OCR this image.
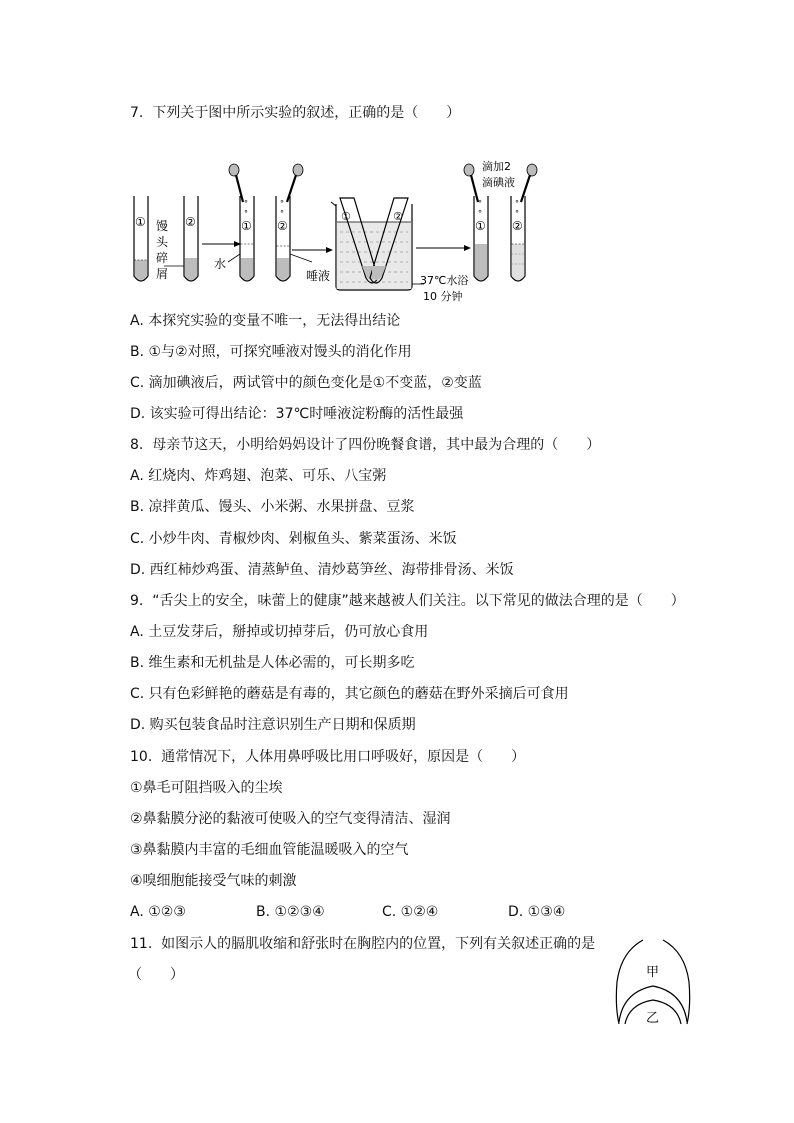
7.  下列关于图中所示实验的叙述，正确的是（　　）
① 馒
头
碎
屑
②
°
°
①
水
°
°
②
唾液
①	②
37℃水浴
10 分钟
滴加2
滴碘液
°
°
①
°
°
②
A. 本探究实验的变量不唯一，无法得出结论
B. ①与②对照，可探究唾液对馒头的消化作用
C. 滴加碘液后，两试管中的颜色变化是①不变蓝，②变蓝
D. 该实验可得出结论：37℃时唾液淀粉酶的活性最强
8.  母亲节这天，小明给妈妈设计了四份晚餐食谱，其中最为合理的（　　）
A. 红烧肉、炸鸡翅、泡菜、可乐、八宝粥
B. 凉拌黄瓜、馒头、小米粥、水果拼盘、豆浆
C. 小炒牛肉、青椒炒肉、剁椒鱼头、紫菜蛋汤、米饭
D. 西红柿炒鸡蛋、清蒸鲈鱼、清炒葛笋丝、海带排骨汤、米饭
9.  “舌尖上的安全，味蕾上的健康”越来越被人们关注。以下常见的做法合理的是（　　）
A. 土豆发芽后，掰掉或切掉芽后，仍可放心食用
B. 维生素和无机盐是人体必需的，可长期多吃
C. 只有色彩鲜艳的蘑菇是有毒的，其它颜色的蘑菇在野外采摘后可食用
D. 购买包装食品时注意识别生产日期和保质期
10.  通常情况下，人体用鼻呼吸比用口呼吸好，原因是（　　）
①鼻毛可阻挡吸入的尘埃
②鼻黏膜分泌的黏液可使吸入的空气变得清洁、湿润
③鼻黏膜内丰富的毛细血管能温暖吸入的空气
④嗅细胞能接受气味的刺激
A. ①②③	B. ①②③④	C. ①②④	D. ①③④
11.  如图示人的膈肌收缩和舒张时在胸腔内的位置，下列有关叙述正确的是
（　　）	甲
乙
